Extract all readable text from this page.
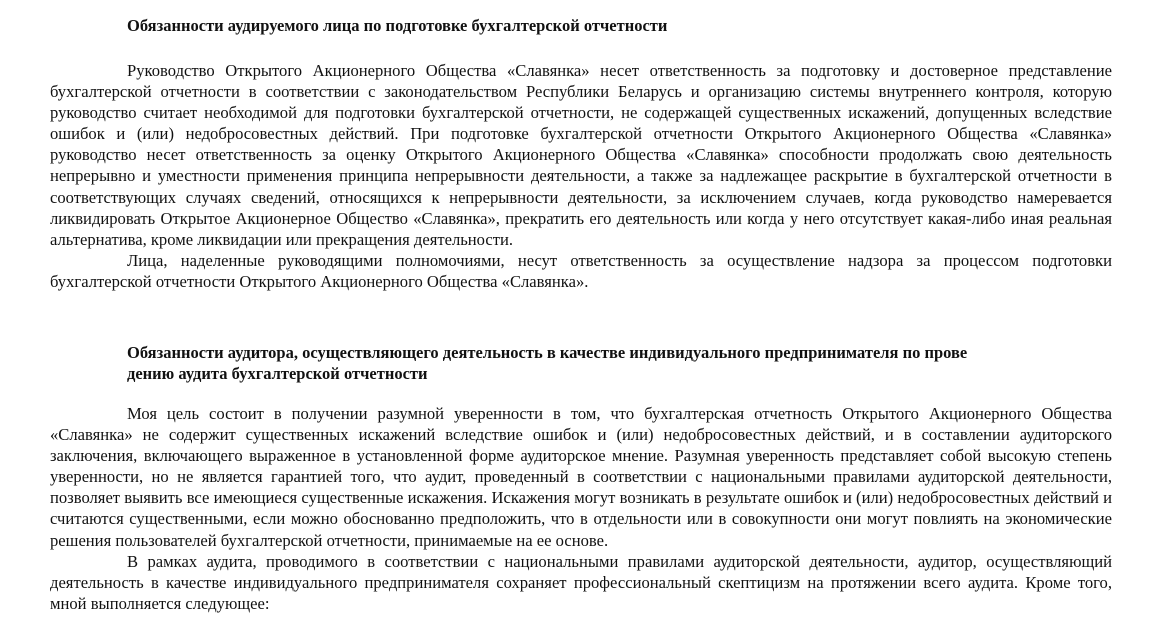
Обязанности аудируемого лица по подготовке бухгалтерской отчетности

Руководство Открытого Акционерного Общества «Славянка» несет ответственность за подготовку и достоверное представление бухгалтерской отчетности в соответствии с законодательством Республики Беларусь и организацию системы внутреннего контроля, которую руководство считает необходимой для подготовки бухгалтерской отчетности, не содержащей существенных искажений, допущенных вследствие ошибок и (или) недобросовестных действий. При подготовке бухгалтерской отчетности Открытого Акционерного Общества «Славянка» руководство несет ответственность за оценку Открытого Акционерного Общества «Славянка» способности продолжать свою деятельность непрерывно и уместности применения принципа непрерывности деятельности, а также за надлежащее раскрытие в бухгалтерской отчетности в соответствующих случаях сведений, относящихся к непрерывности деятельности, за исключением случаев, когда руководство намеревается ликвидировать Открытое Акционерное Общество «Славянка», прекратить его деятельность или когда у него отсутствует какая-либо иная реальная альтернатива, кроме ликвидации или прекращения деятельности.

Лица, наделенные руководящими полномочиями, несут ответственность за осуществление надзора за процессом подготовки бухгалтерской отчетности Открытого Акционерного Общества «Славянка».

Обязанности аудитора, осуществляющего деятельность в качестве индивидуального предпринимателя по прове
дению аудита бухгалтерской отчетности

Моя цель состоит в получении разумной уверенности в том, что бухгалтерская отчетность Открытого Акционерного Общества «Славянка» не содержит существенных искажений вследствие ошибок и (или) недобросовестных действий, и в составлении аудиторского заключения, включающего выраженное в установленной форме аудиторское мнение. Разумная уверенность представляет собой высокую степень уверенности, но не является гарантией того, что аудит, проведенный в соответствии с национальными правилами аудиторской деятельности, позволяет выявить все имеющиеся существенные искажения. Искажения могут возникать в результате ошибок и (или) недобросовестных действий и считаются существенными, если можно обоснованно предположить, что в отдельности или в совокупности они могут повлиять на экономические решения пользователей бухгалтерской отчетности, принимаемые на ее основе.

В рамках аудита, проводимого в соответствии с национальными правилами аудиторской деятельности, аудитор, осуществляющий деятельность в качестве индивидуального предпринимателя сохраняет профессиональный скептицизм на протяжении всего аудита. Кроме того, мной выполняется следующее:
